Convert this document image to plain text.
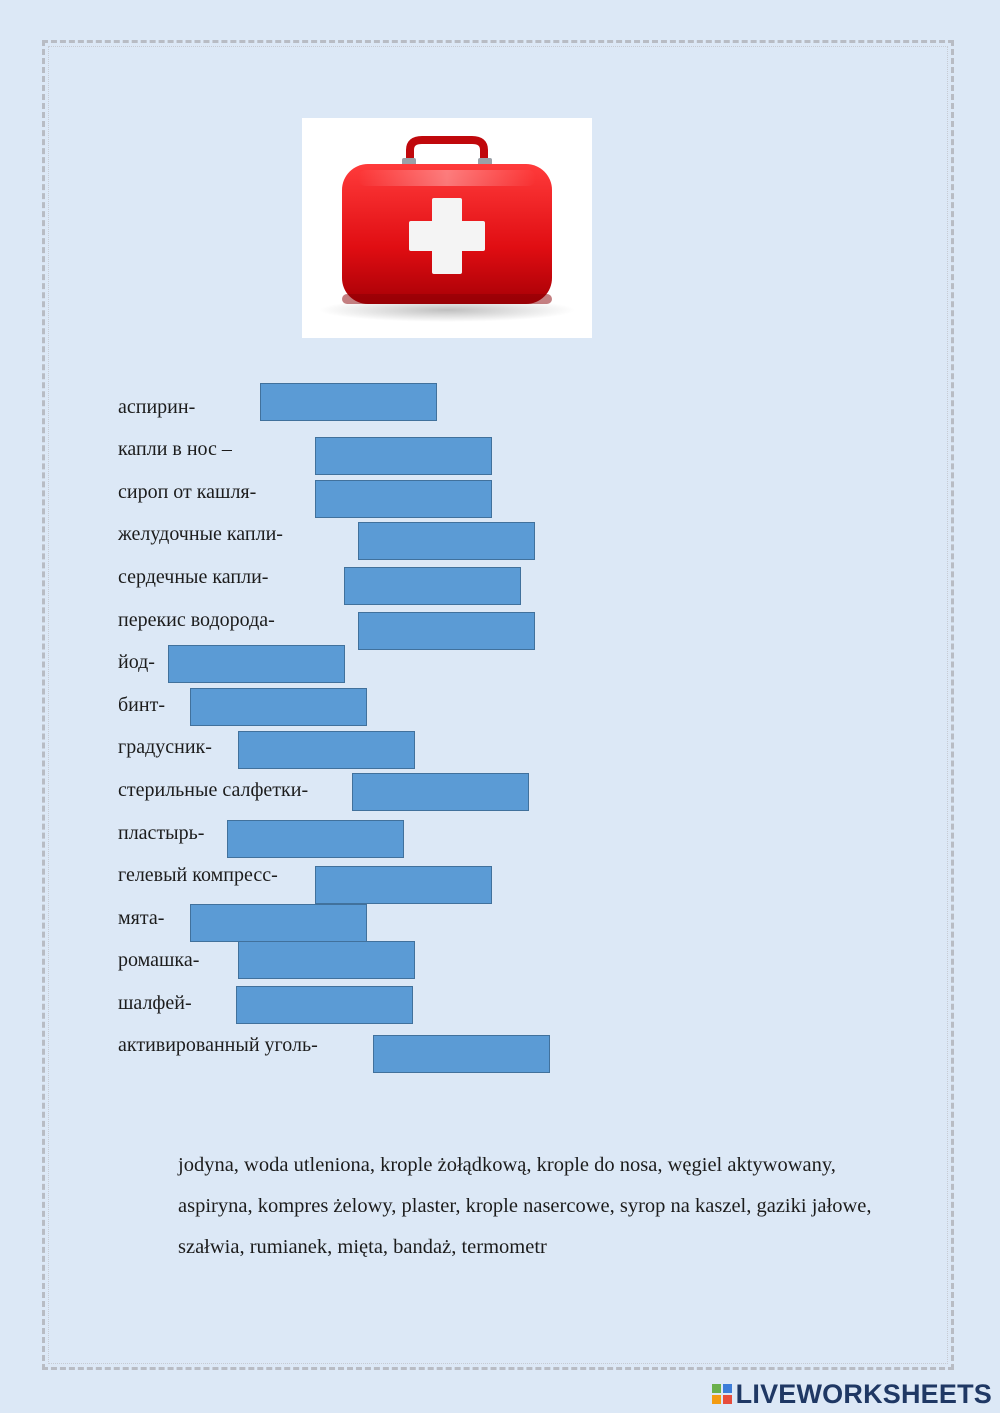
аспирин-
капли в нос –
сироп от кашля-
желудочные капли-
сердечные капли-
перекис водорода-
йод-
бинт-
градусник-
стерильные салфетки-
пластырь-
гелевый компресс-
мята-
ромашка-
шалфей-
активированный уголь-
jodyna, woda utleniona, krople żołądkową, krople do nosa, węgiel aktywowany, aspiryna, kompres żelowy, plaster, krople nasercowe, syrop na kaszel, gaziki jałowe, szałwia, rumianek, mięta, bandaż, termometr
LIVE WORKSHEETS
